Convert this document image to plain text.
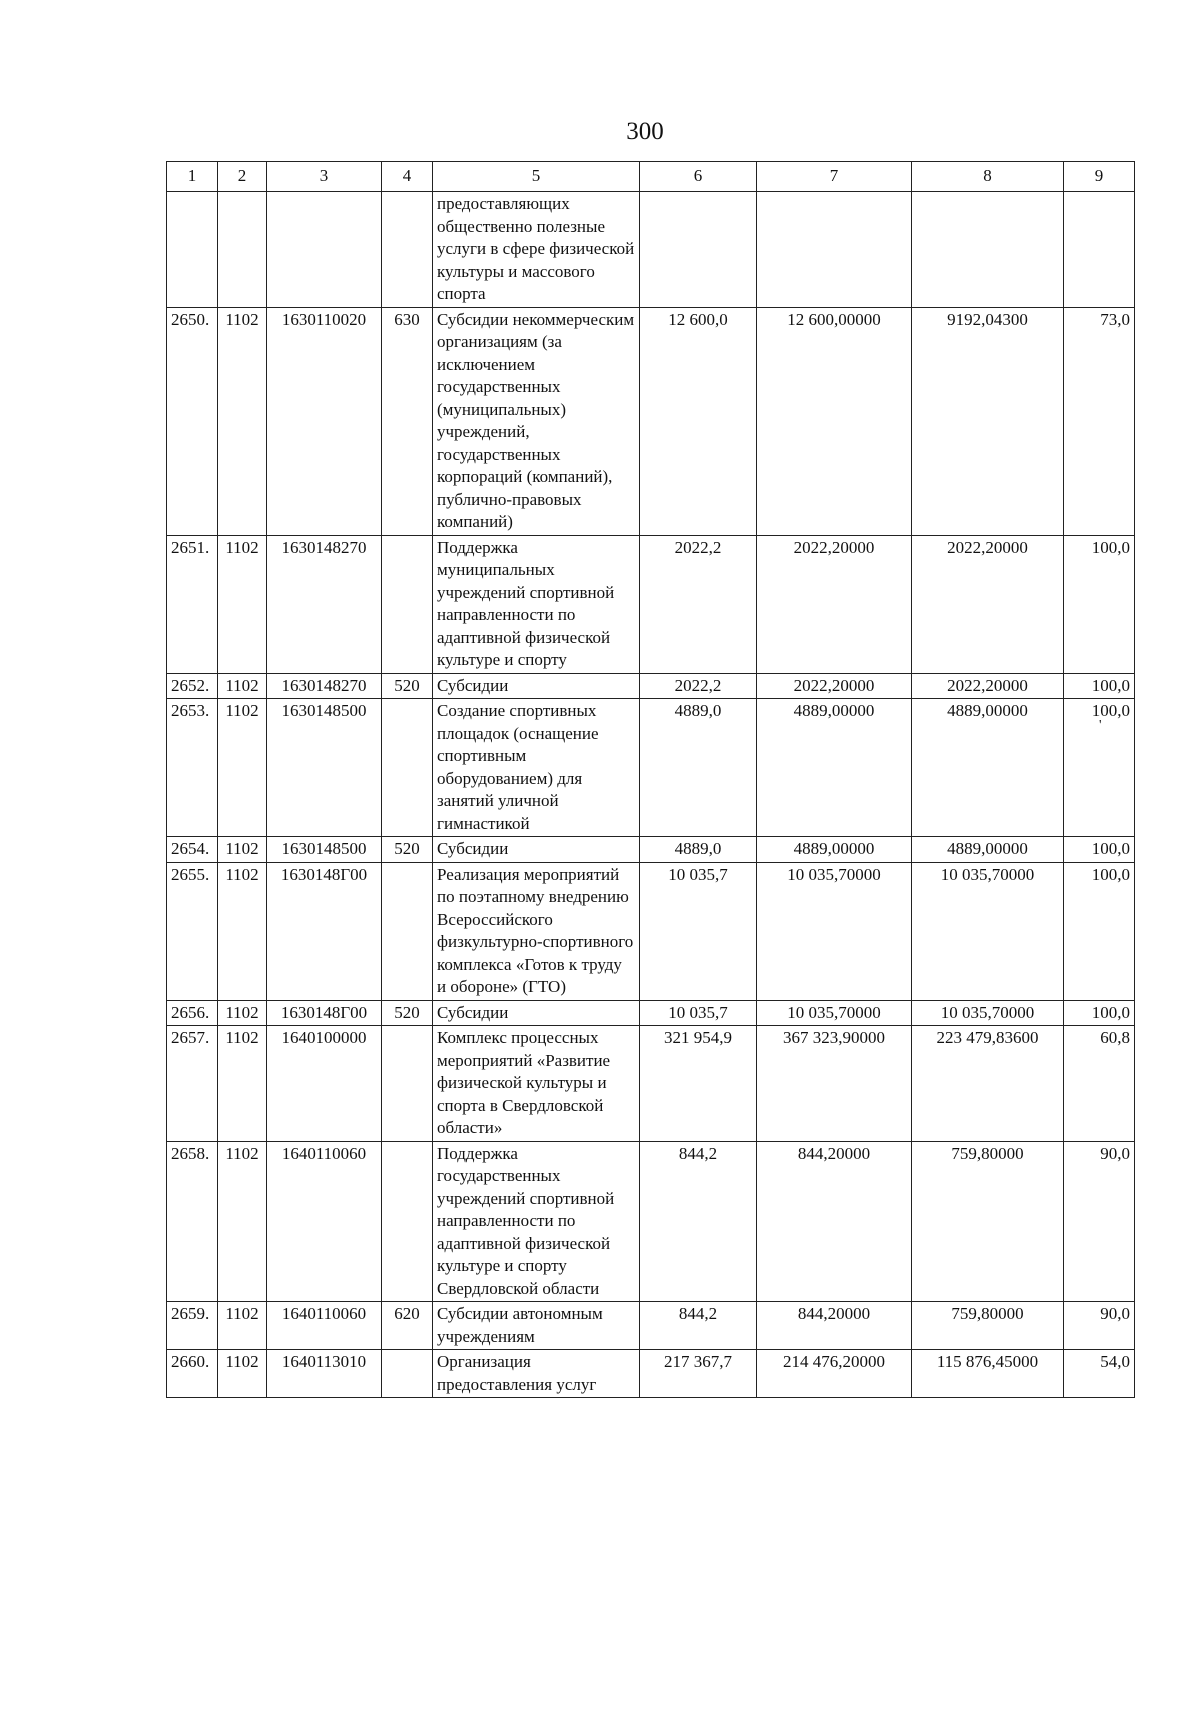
300
1	2	3	4	5	6	7	8	9
				предоставляющих общественно полезные услуги в сфере физической культуры и массового спорта				
2650.	1102	1630110020	630	Субсидии некоммерческим организациям (за исключением государственных (муниципальных) учреждений, государственных корпораций (компаний), публично-правовых компаний)	12 600,0	12 600,00000	9192,04300	73,0
2651.	1102	1630148270		Поддержка муниципальных учреждений спортивной направленности по адаптивной физической культуре и спорту	2022,2	2022,20000	2022,20000	100,0
2652.	1102	1630148270	520	Субсидии	2022,2	2022,20000	2022,20000	100,0
2653.	1102	1630148500		Создание спортивных площадок (оснащение спортивным оборудованием) для занятий уличной гимнастикой	4889,0	4889,00000	4889,00000	100,0
2654.	1102	1630148500	520	Субсидии	4889,0	4889,00000	4889,00000	100,0
2655.	1102	1630148Г00		Реализация мероприятий по поэтапному внедрению Всероссийского физкультурно-спортивного комплекса «Готов к труду и обороне» (ГТО)	10 035,7	10 035,70000	10 035,70000	100,0
2656.	1102	1630148Г00	520	Субсидии	10 035,7	10 035,70000	10 035,70000	100,0
2657.	1102	1640100000		Комплекс процессных мероприятий «Развитие физической культуры и спорта в Свердловской области»	321 954,9	367 323,90000	223 479,83600	60,8
2658.	1102	1640110060		Поддержка государственных учреждений спортивной направленности по адаптивной физической культуре и спорту Свердловской области	844,2	844,20000	759,80000	90,0
2659.	1102	1640110060	620	Субсидии автономным учреждениям	844,2	844,20000	759,80000	90,0
2660.	1102	1640113010		Организация предоставления услуг	217 367,7	214 476,20000	115 876,45000	54,0
'
